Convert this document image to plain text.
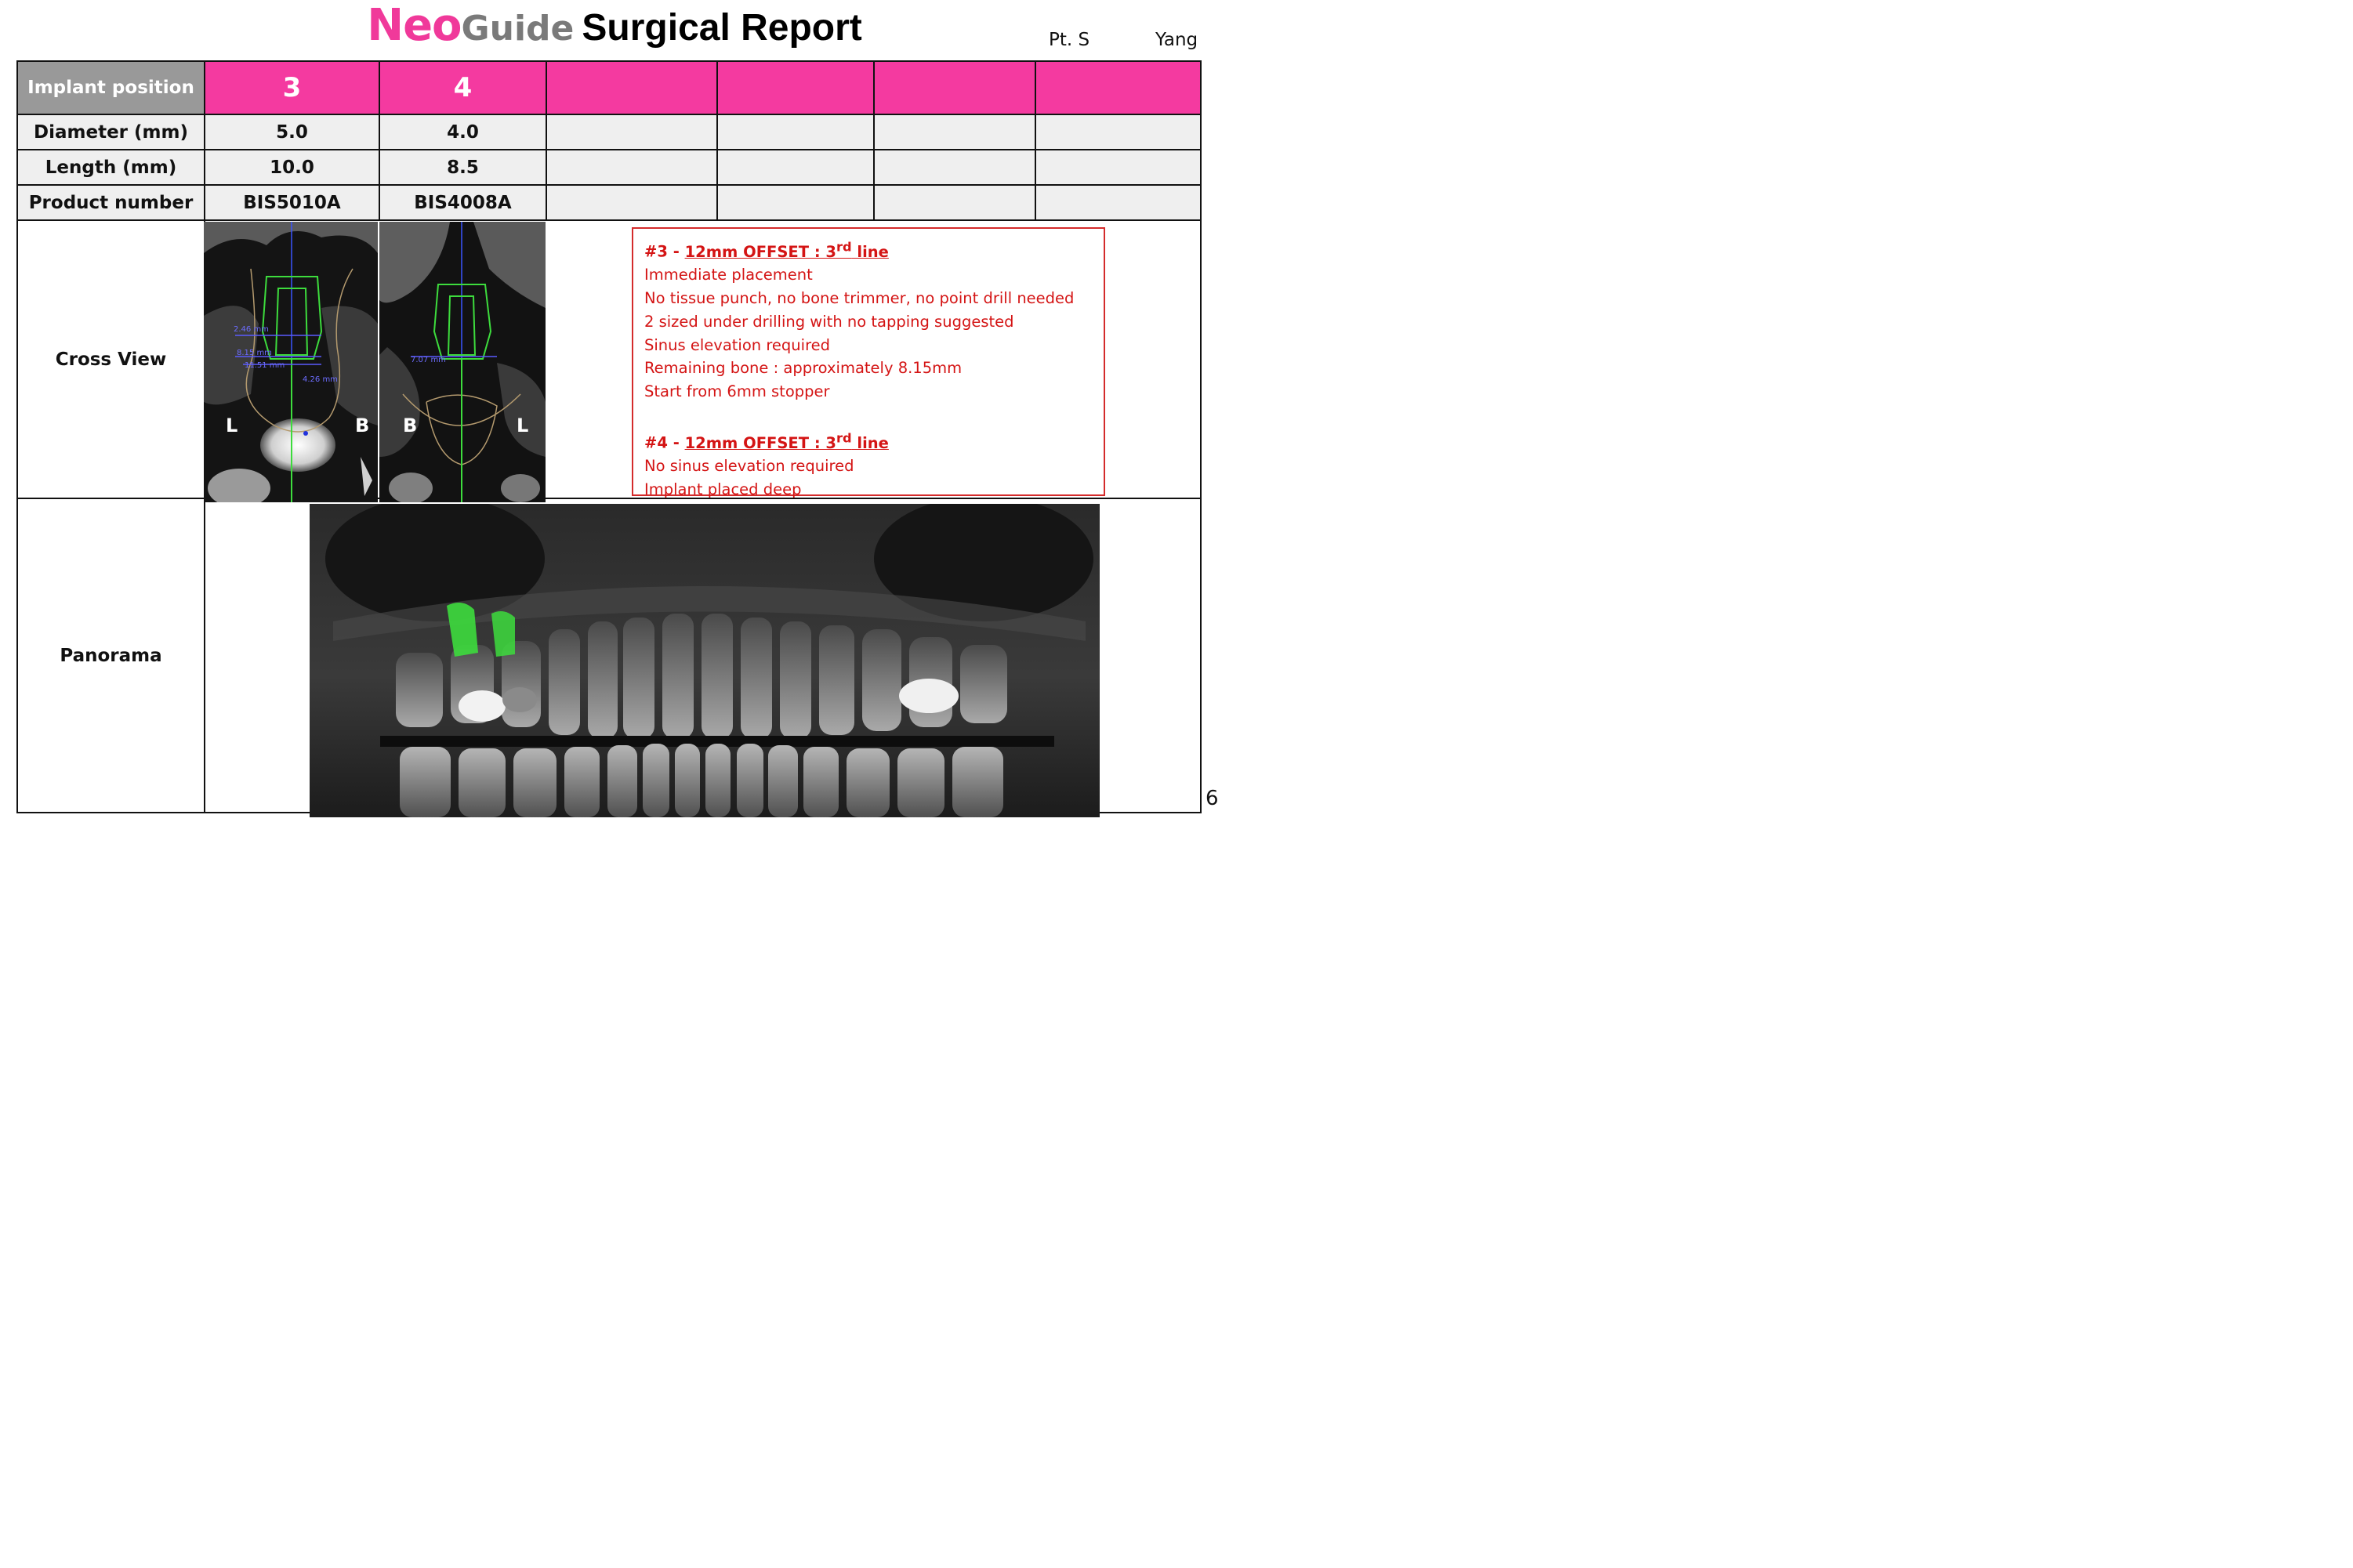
NeoGuide Surgical Report	Pt. S	Yang
Implant position	3	4				
Diameter (mm)	5.0	4.0				
Length (mm)	10.0	8.5				
Product number	BIS5010A	BIS4008A				
Cross View						
Panorama						
L	B
2.46 mm
8.15 mm
11.51 mm
4.26 mm
B	L
7.07 mm
#3 - 12mm OFFSET : 3rd line
Immediate placement
No tissue punch, no bone trimmer, no point drill needed
2 sized under drilling with no tapping suggested
Sinus elevation required
Remaining bone : approximately 8.15mm
Start from 6mm stopper
#4 - 12mm OFFSET : 3rd line
No sinus elevation required
Implant placed deep
6
